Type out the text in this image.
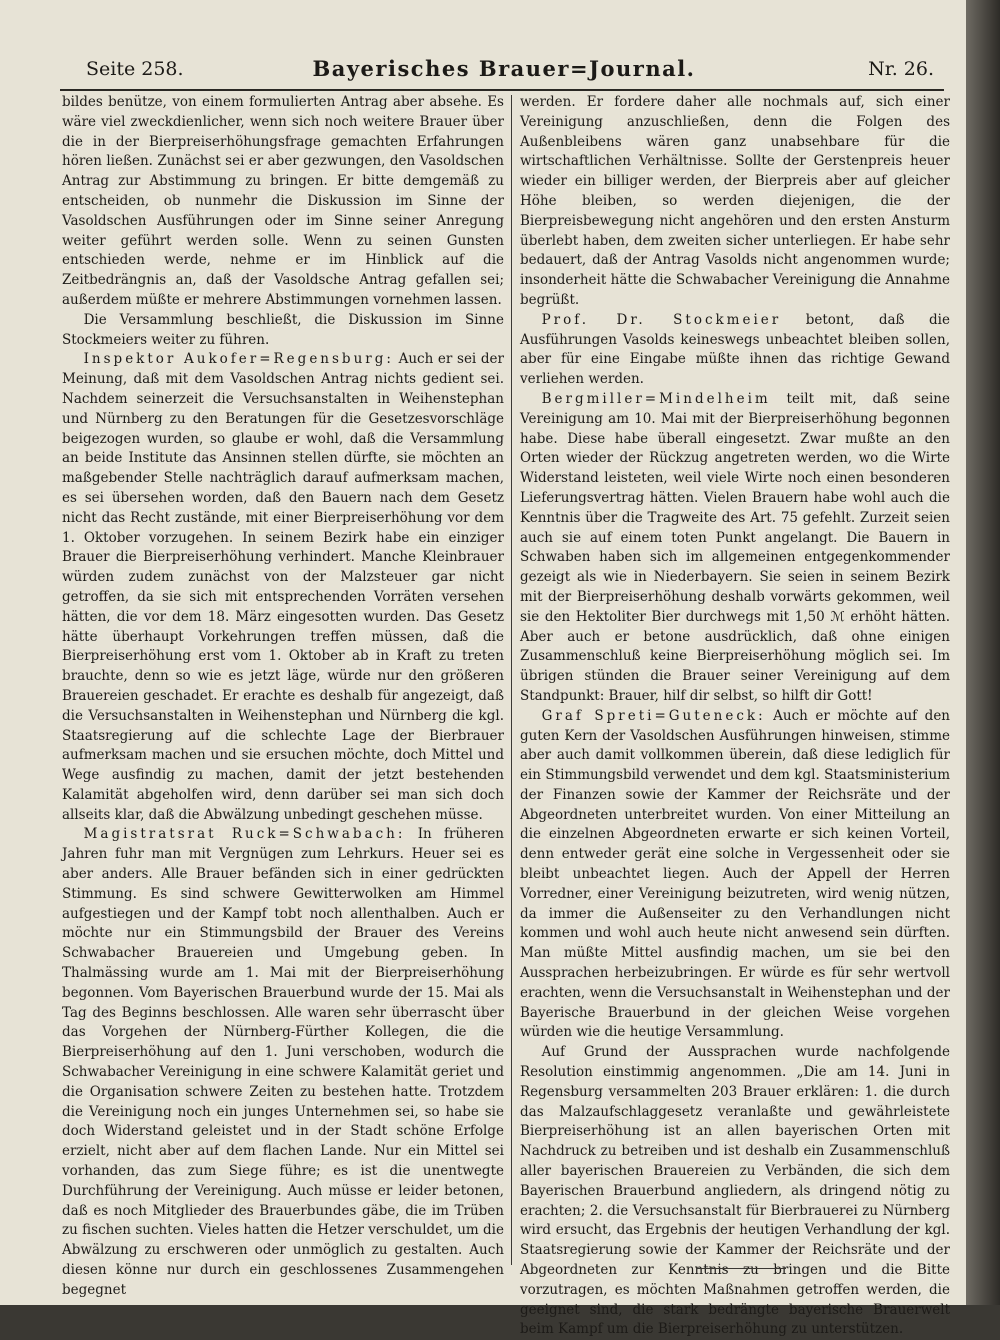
Seite 258.	Bayerisches Brauer=Journal.	Nr. 26.

bildes benütze, von einem formulierten Antrag aber absehe. Es wäre viel zweckdienlicher, wenn sich noch weitere Brauer über die in der Bierpreiserhöhungsfrage gemachten Erfahrungen hören ließen. Zunächst sei er aber gezwungen, den Vasoldschen Antrag zur Abstimmung zu bringen. Er bitte demgemäß zu entscheiden, ob nunmehr die Diskussion im Sinne der Vasoldschen Ausführungen oder im Sinne seiner Anregung weiter geführt werden solle. Wenn zu seinen Gunsten entschieden werde, nehme er im Hinblick auf die Zeitbedrängnis an, daß der Vasoldsche Antrag gefallen sei; außerdem müßte er mehrere Abstimmungen vornehmen lassen.

Die Versammlung beschließt, die Diskussion im Sinne Stockmeiers weiter zu führen.

Inspektor Aukofer=Regensburg: Auch er sei der Meinung, daß mit dem Vasoldschen Antrag nichts gedient sei. Nachdem seinerzeit die Versuchsanstalten in Weihenstephan und Nürnberg zu den Beratungen für die Gesetzesvorschläge beigezogen wurden, so glaube er wohl, daß die Versammlung an beide Institute das Ansinnen stellen dürfte, sie möchten an maßgebender Stelle nachträglich darauf aufmerksam machen, es sei übersehen worden, daß den Bauern nach dem Gesetz nicht das Recht zustände, mit einer Bierpreiserhöhung vor dem 1. Oktober vorzugehen. In seinem Bezirk habe ein einziger Brauer die Bierpreiserhöhung verhindert. Manche Kleinbrauer würden zudem zunächst von der Malzsteuer gar nicht getroffen, da sie sich mit entsprechenden Vorräten versehen hätten, die vor dem 18. März eingesotten wurden. Das Gesetz hätte überhaupt Vorkehrungen treffen müssen, daß die Bierpreiserhöhung erst vom 1. Oktober ab in Kraft zu treten brauchte, denn so wie es jetzt läge, würde nur den größeren Brauereien geschadet. Er erachte es deshalb für angezeigt, daß die Versuchsanstalten in Weihenstephan und Nürnberg die kgl. Staatsregierung auf die schlechte Lage der Bierbrauer aufmerksam machen und sie ersuchen möchte, doch Mittel und Wege ausfindig zu machen, damit der jetzt bestehenden Kalamität abgeholfen wird, denn darüber sei man sich doch allseits klar, daß die Abwälzung unbedingt geschehen müsse.

Magistratsrat Ruck=Schwabach: In früheren Jahren fuhr man mit Vergnügen zum Lehrkurs. Heuer sei es aber anders. Alle Brauer befänden sich in einer gedrückten Stimmung. Es sind schwere Gewitterwolken am Himmel aufgestiegen und der Kampf tobt noch allenthalben. Auch er möchte nur ein Stimmungsbild der Brauer des Vereins Schwabacher Brauereien und Umgebung geben. In Thalmässing wurde am 1. Mai mit der Bierpreiserhöhung begonnen. Vom Bayerischen Brauerbund wurde der 15. Mai als Tag des Beginns beschlossen. Alle waren sehr überrascht über das Vorgehen der Nürnberg-Fürther Kollegen, die die Bierpreiserhöhung auf den 1. Juni verschoben, wodurch die Schwabacher Vereinigung in eine schwere Kalamität geriet und die Organisation schwere Zeiten zu bestehen hatte. Trotzdem die Vereinigung noch ein junges Unternehmen sei, so habe sie doch Widerstand geleistet und in der Stadt schöne Erfolge erzielt, nicht aber auf dem flachen Lande. Nur ein Mittel sei vorhanden, das zum Siege führe; es ist die unentwegte Durchführung der Vereinigung. Auch müsse er leider betonen, daß es noch Mitglieder des Brauerbundes gäbe, die im Trüben zu fischen suchten. Vieles hatten die Hetzer verschuldet, um die Abwälzung zu erschweren oder unmöglich zu gestalten. Auch diesen könne nur durch ein geschlossenes Zusammengehen begegnet

werden. Er fordere daher alle nochmals auf, sich einer Vereinigung anzuschließen, denn die Folgen des Außenbleibens wären ganz unabsehbare für die wirtschaftlichen Verhältnisse. Sollte der Gerstenpreis heuer wieder ein billiger werden, der Bierpreis aber auf gleicher Höhe bleiben, so werden diejenigen, die der Bierpreisbewegung nicht angehören und den ersten Ansturm überlebt haben, dem zweiten sicher unterliegen. Er habe sehr bedauert, daß der Antrag Vasolds nicht angenommen wurde; insonderheit hätte die Schwabacher Vereinigung die Annahme begrüßt.

Prof. Dr. Stockmeier betont, daß die Ausführungen Vasolds keineswegs unbeachtet bleiben sollen, aber für eine Eingabe müßte ihnen das richtige Gewand verliehen werden.

Bergmiller=Mindelheim teilt mit, daß seine Vereinigung am 10. Mai mit der Bierpreiserhöhung begonnen habe. Diese habe überall eingesetzt. Zwar mußte an den Orten wieder der Rückzug angetreten werden, wo die Wirte Widerstand leisteten, weil viele Wirte noch einen besonderen Lieferungsvertrag hätten. Vielen Brauern habe wohl auch die Kenntnis über die Tragweite des Art. 75 gefehlt. Zurzeit seien auch sie auf einem toten Punkt angelangt. Die Bauern in Schwaben haben sich im allgemeinen entgegenkommender gezeigt als wie in Niederbayern. Sie seien in seinem Bezirk mit der Bierpreiserhöhung deshalb vorwärts gekommen, weil sie den Hektoliter Bier durchwegs mit 1,50 ℳ erhöht hätten. Aber auch er betone ausdrücklich, daß ohne einigen Zusammenschluß keine Bierpreiserhöhung möglich sei. Im übrigen stünden die Brauer seiner Vereinigung auf dem Standpunkt: Brauer, hilf dir selbst, so hilft dir Gott!

Graf Spreti=Guteneck: Auch er möchte auf den guten Kern der Vasoldschen Ausführungen hinweisen, stimme aber auch damit vollkommen überein, daß diese lediglich für ein Stimmungsbild verwendet und dem kgl. Staatsministerium der Finanzen sowie der Kammer der Reichsräte und der Abgeordneten unterbreitet wurden. Von einer Mitteilung an die einzelnen Abgeordneten erwarte er sich keinen Vorteil, denn entweder gerät eine solche in Vergessenheit oder sie bleibt unbeachtet liegen. Auch der Appell der Herren Vorredner, einer Vereinigung beizutreten, wird wenig nützen, da immer die Außenseiter zu den Verhandlungen nicht kommen und wohl auch heute nicht anwesend sein dürften. Man müßte Mittel ausfindig machen, um sie bei den Aussprachen herbeizubringen. Er würde es für sehr wertvoll erachten, wenn die Versuchsanstalt in Weihenstephan und der Bayerische Brauerbund in der gleichen Weise vorgehen würden wie die heutige Versammlung.

Auf Grund der Aussprachen wurde nachfolgende Resolution einstimmig angenommen. „Die am 14. Juni in Regensburg versammelten 203 Brauer erklären: 1. die durch das Malzaufschlaggesetz veranlaßte und gewährleistete Bierpreiserhöhung ist an allen bayerischen Orten mit Nachdruck zu betreiben und ist deshalb ein Zusammenschluß aller bayerischen Brauereien zu Verbänden, die sich dem Bayerischen Brauerbund angliedern, als dringend nötig zu erachten; 2. die Versuchsanstalt für Bierbrauerei zu Nürnberg wird ersucht, das Ergebnis der heutigen Verhandlung der kgl. Staatsregierung sowie der Kammer der Reichsräte und der Abgeordneten zur Kenntnis zu bringen und die Bitte vorzutragen, es möchten Maßnahmen getroffen werden, die geeignet sind, die stark bedrängte bayerische Brauerwelt beim Kampf um die Bierpreiserhöhung zu unterstützen.
